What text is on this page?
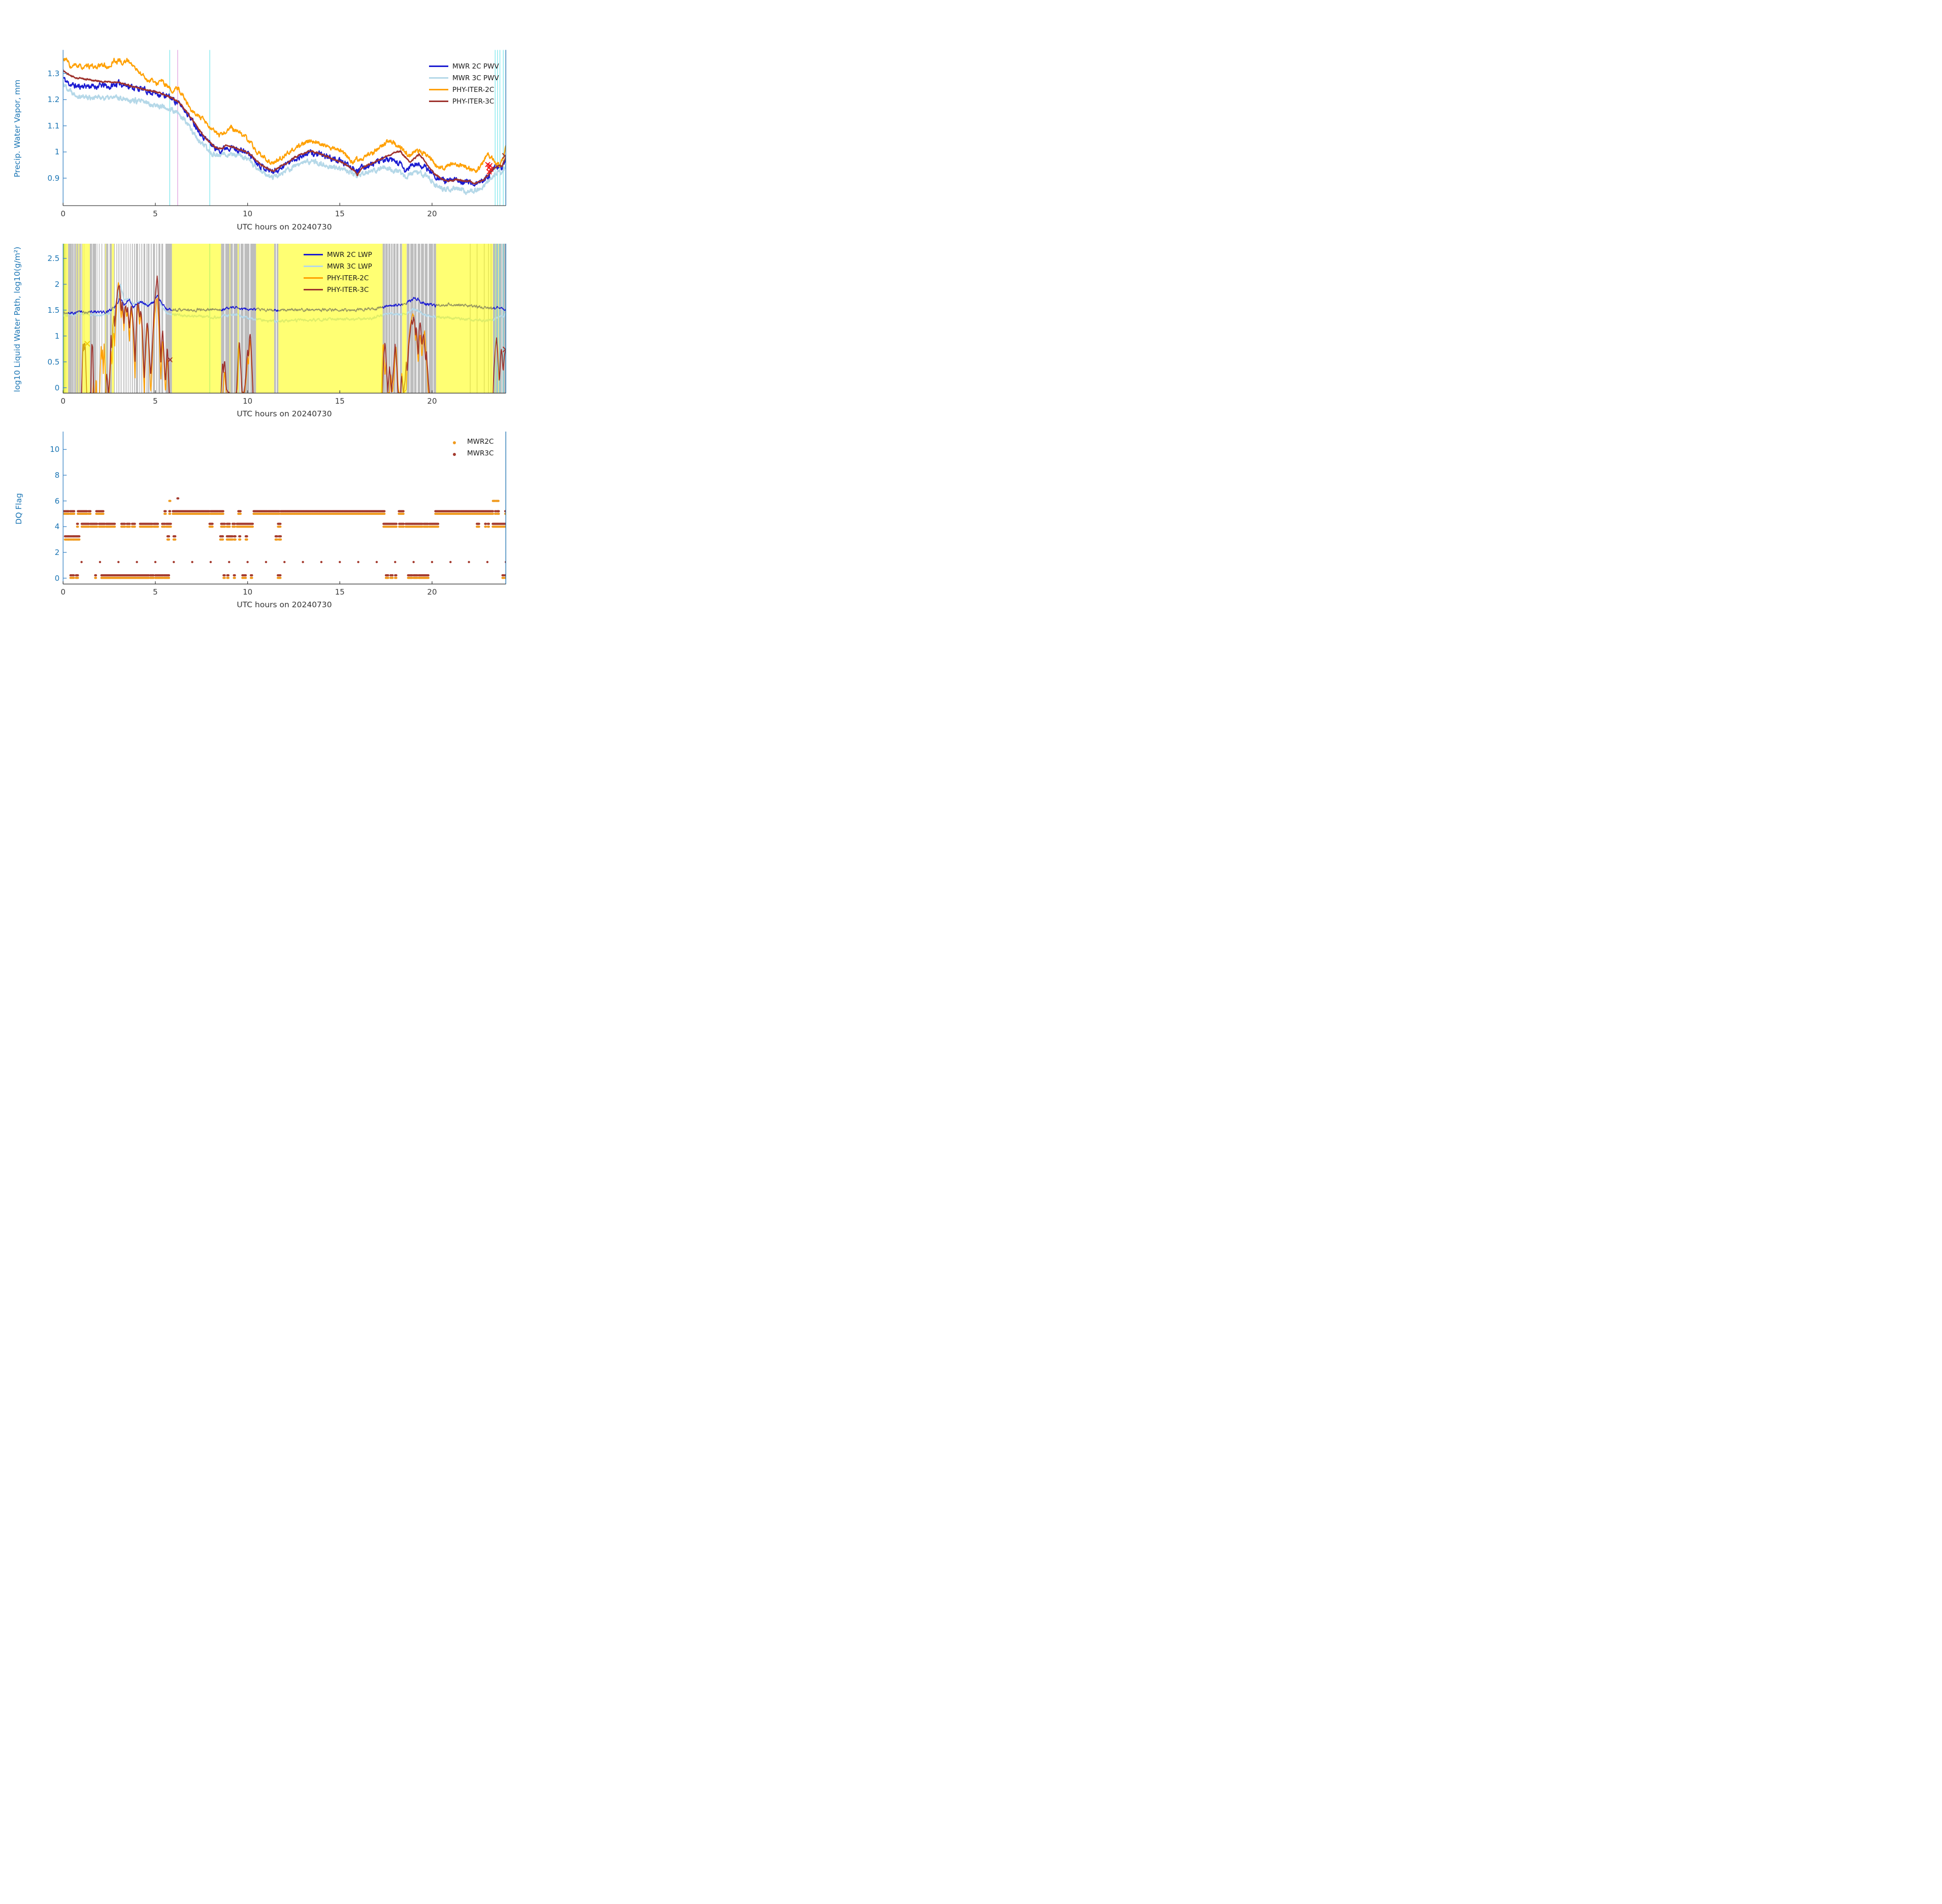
Precip. Water Vapor, mm
log10 Liquid Water Path, log10(g/m²)
DQ Flag
UTC hours on 20240730
UTC hours on 20240730
UTC hours on 20240730
MWR 2C PWV
MWR 3C PWV
PHY-ITER-2C
PHY-ITER-3C
MWR 2C LWP
MWR 3C LWP
PHY-ITER-2C
PHY-ITER-3C
MWR2C
MWR3C
0.9
1
1.1
1.2
1.3
0	5	10	15	20
0
0.5
1
1.5
2
2.5
0	5	10	15	20
0
2
4
6
8
10
0	5	10	15	20
